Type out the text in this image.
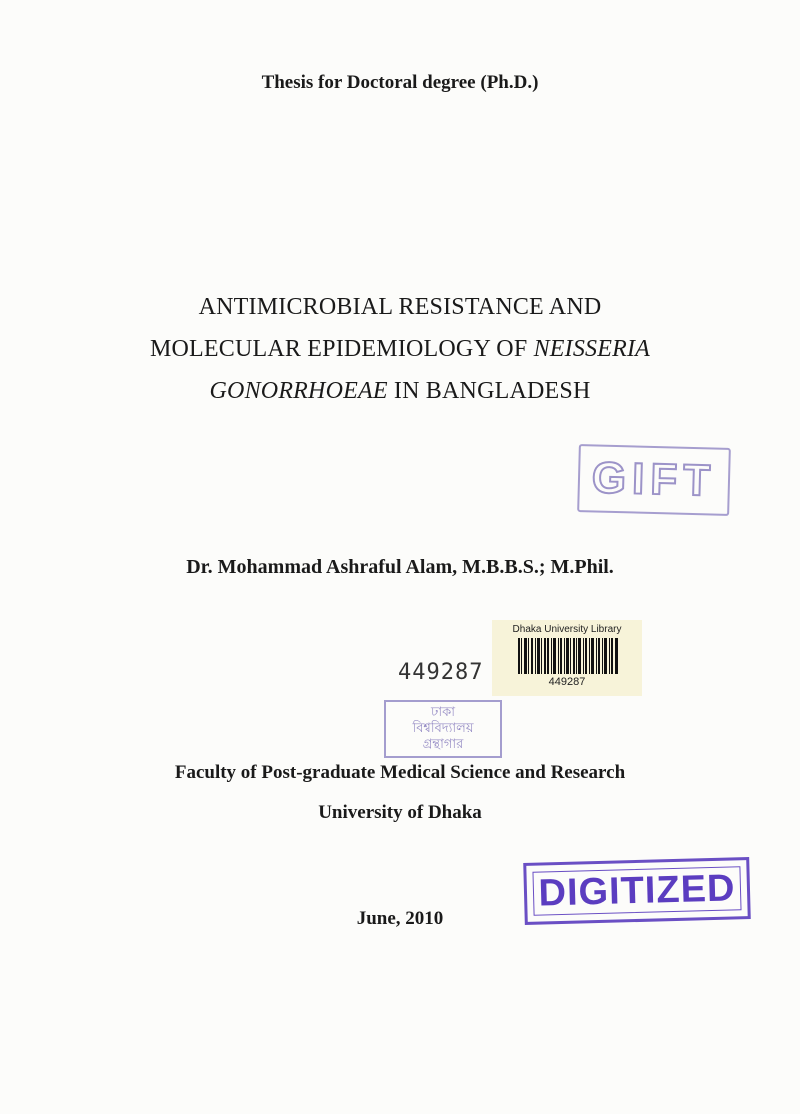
Thesis for Doctoral degree (Ph.D.)
ANTIMICROBIAL RESISTANCE AND
MOLECULAR EPIDEMIOLOGY OF NEISSERIA
GONORRHOEAE IN BANGLADESH
GIFT
Dr. Mohammad Ashraful Alam, M.B.B.S.; M.Phil.
Dhaka University Library
449287
449287
ঢাকা
বিশ্ববিদ্যালয়
গ্রন্থাগার
Faculty of Post-graduate Medical Science and Research
University of Dhaka
June, 2010
DIGITIZED
